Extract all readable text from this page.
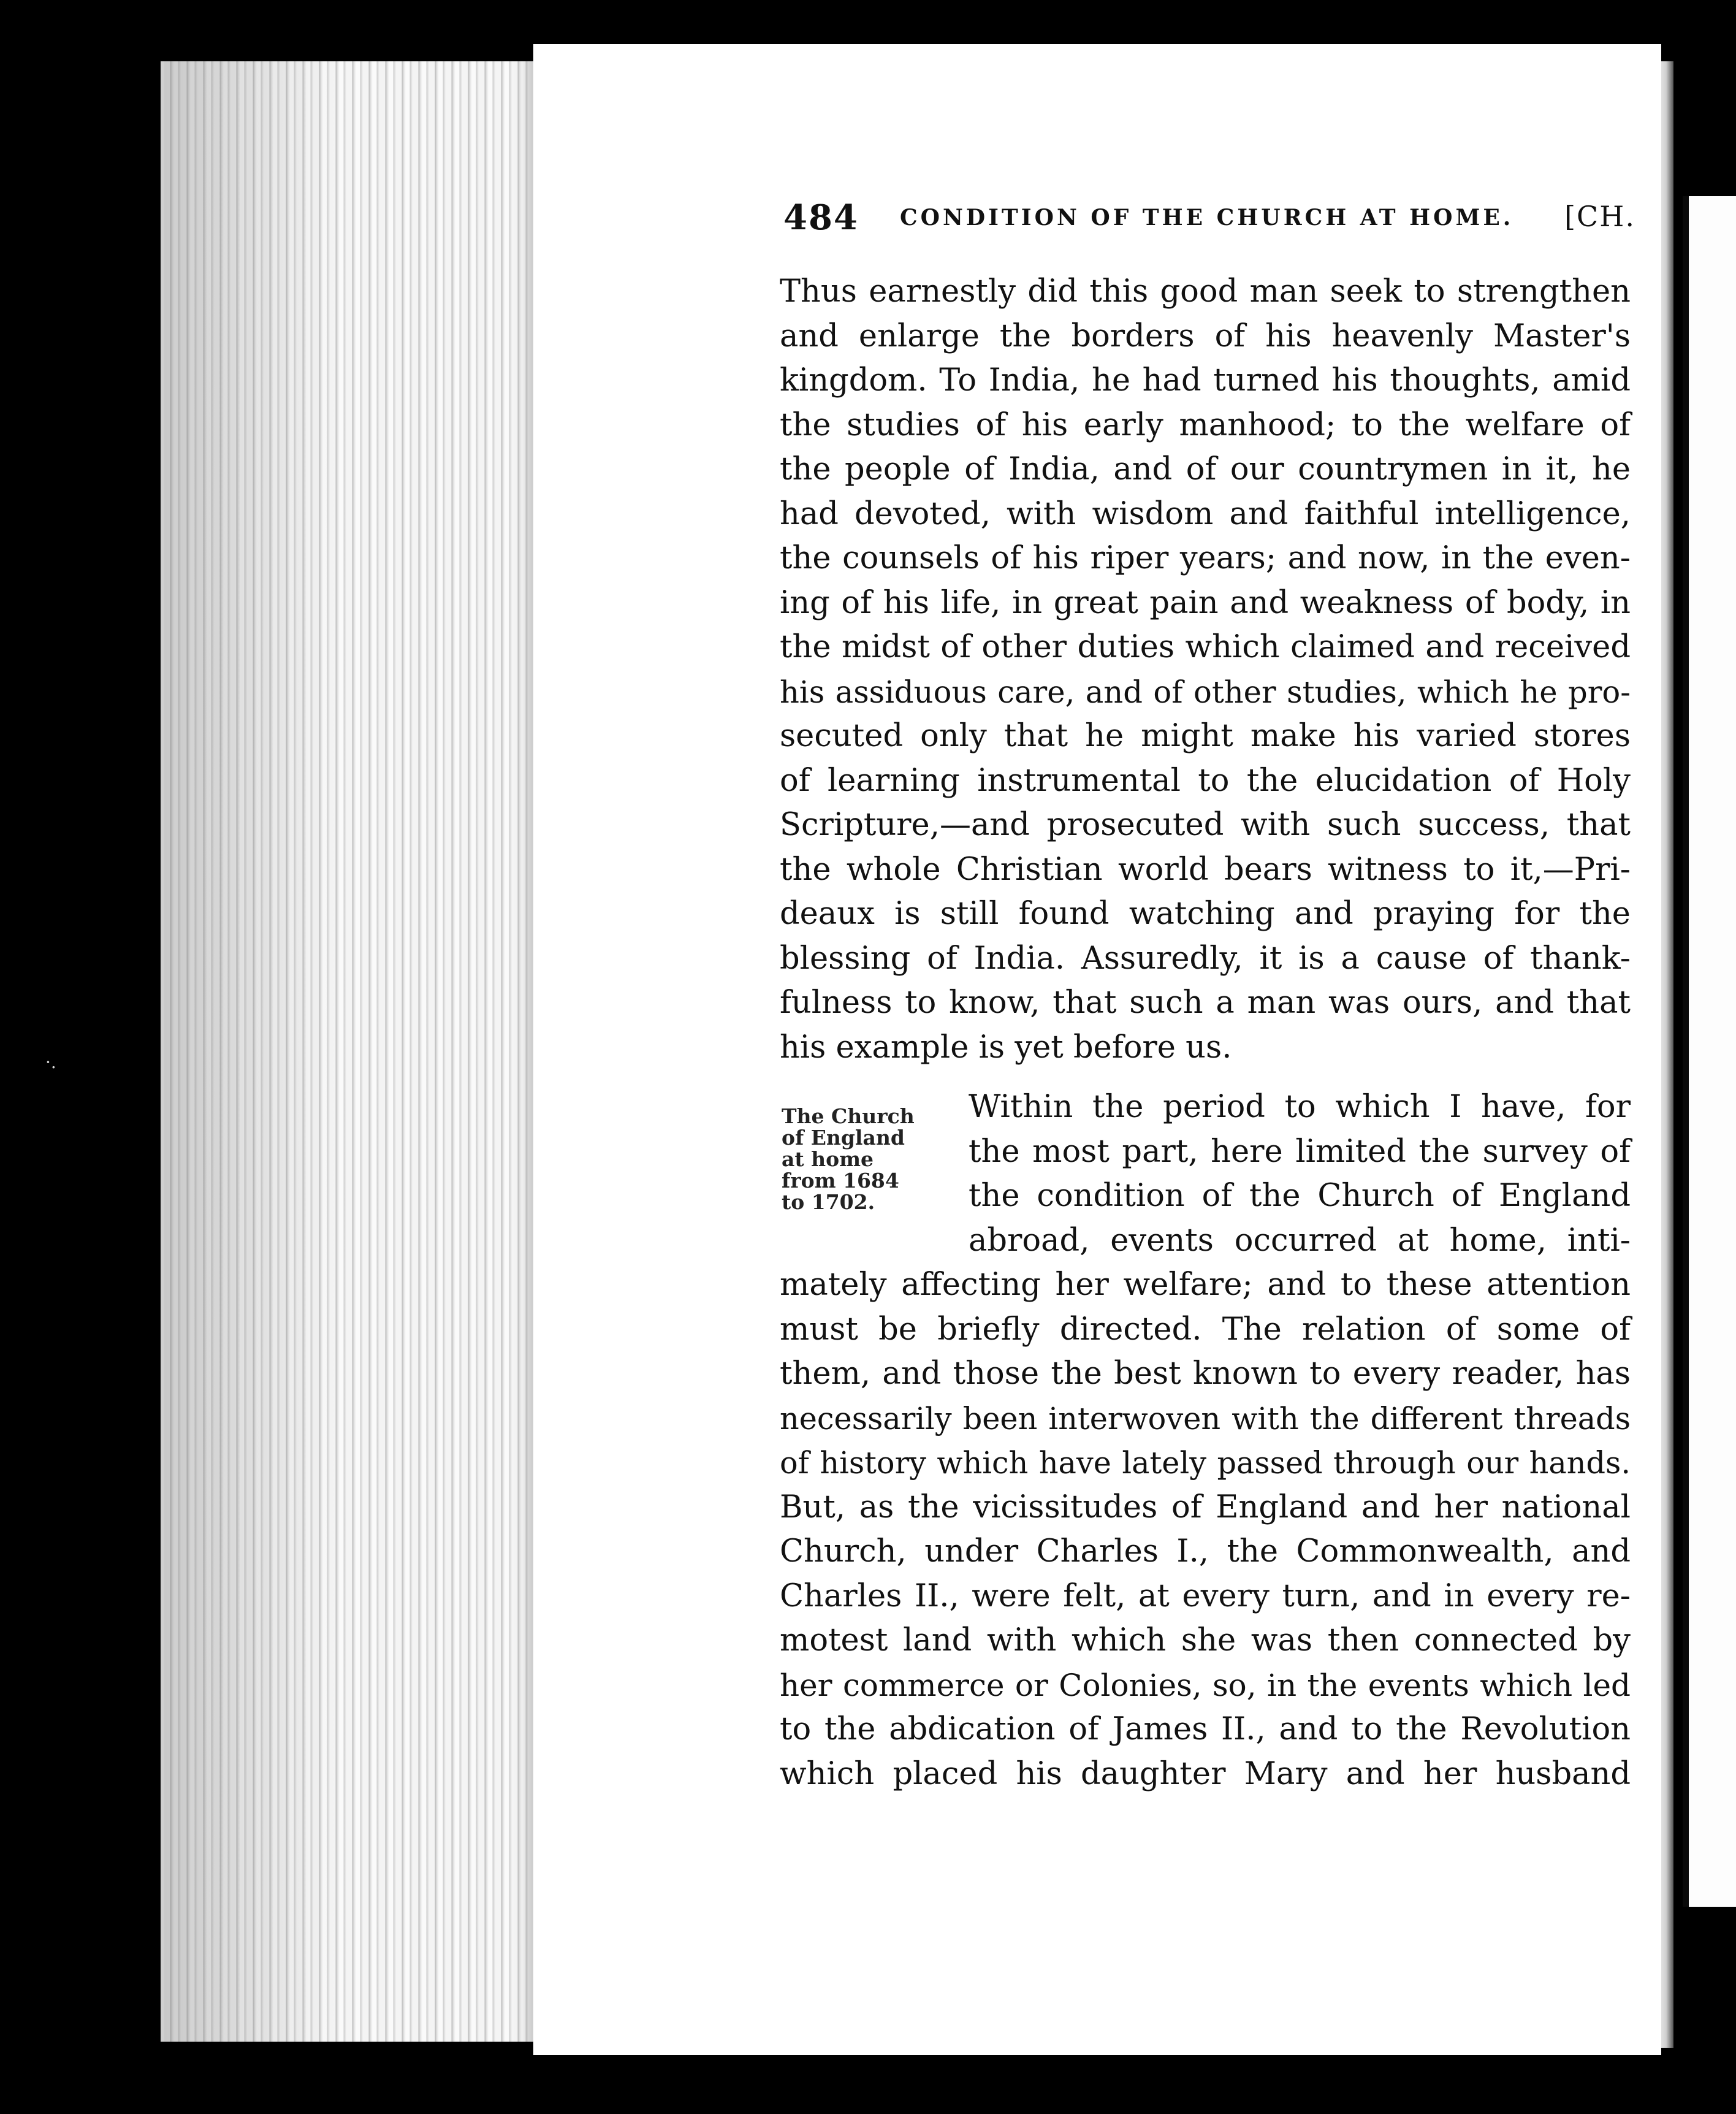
·.
484 CONDITION OF THE CHURCH AT HOME. [CH.
Thus earnestly did this good man seek to strengthen
and enlarge the borders of his heavenly Master's
kingdom. To India, he had turned his thoughts, amid
the studies of his early manhood; to the welfare of
the people of India, and of our countrymen in it, he
had devoted, with wisdom and faithful intelligence,
the counsels of his riper years; and now, in the even-
ing of his life, in great pain and weakness of body, in
the midst of other duties which claimed and received
his assiduous care, and of other studies, which he pro-
secuted only that he might make his varied stores
of learning instrumental to the elucidation of Holy
Scripture,—and prosecuted with such success, that
the whole Christian world bears witness to it,—Pri-
deaux is still found watching and praying for the
blessing of India. Assuredly, it is a cause of thank-
fulness to know, that such a man was ours, and that
his example is yet before us.
The Church
of England
at home
from 1684
to 1702.
Within the period to which I have, for
the most part, here limited the survey of
the condition of the Church of England
abroad, events occurred at home, inti-
mately affecting her welfare; and to these attention
must be briefly directed. The relation of some of
them, and those the best known to every reader, has
necessarily been interwoven with the different threads
of history which have lately passed through our hands.
But, as the vicissitudes of England and her national
Church, under Charles I., the Commonwealth, and
Charles II., were felt, at every turn, and in every re-
motest land with which she was then connected by
her commerce or Colonies, so, in the events which led
to the abdication of James II., and to the Revolution
which placed his daughter Mary and her husband
